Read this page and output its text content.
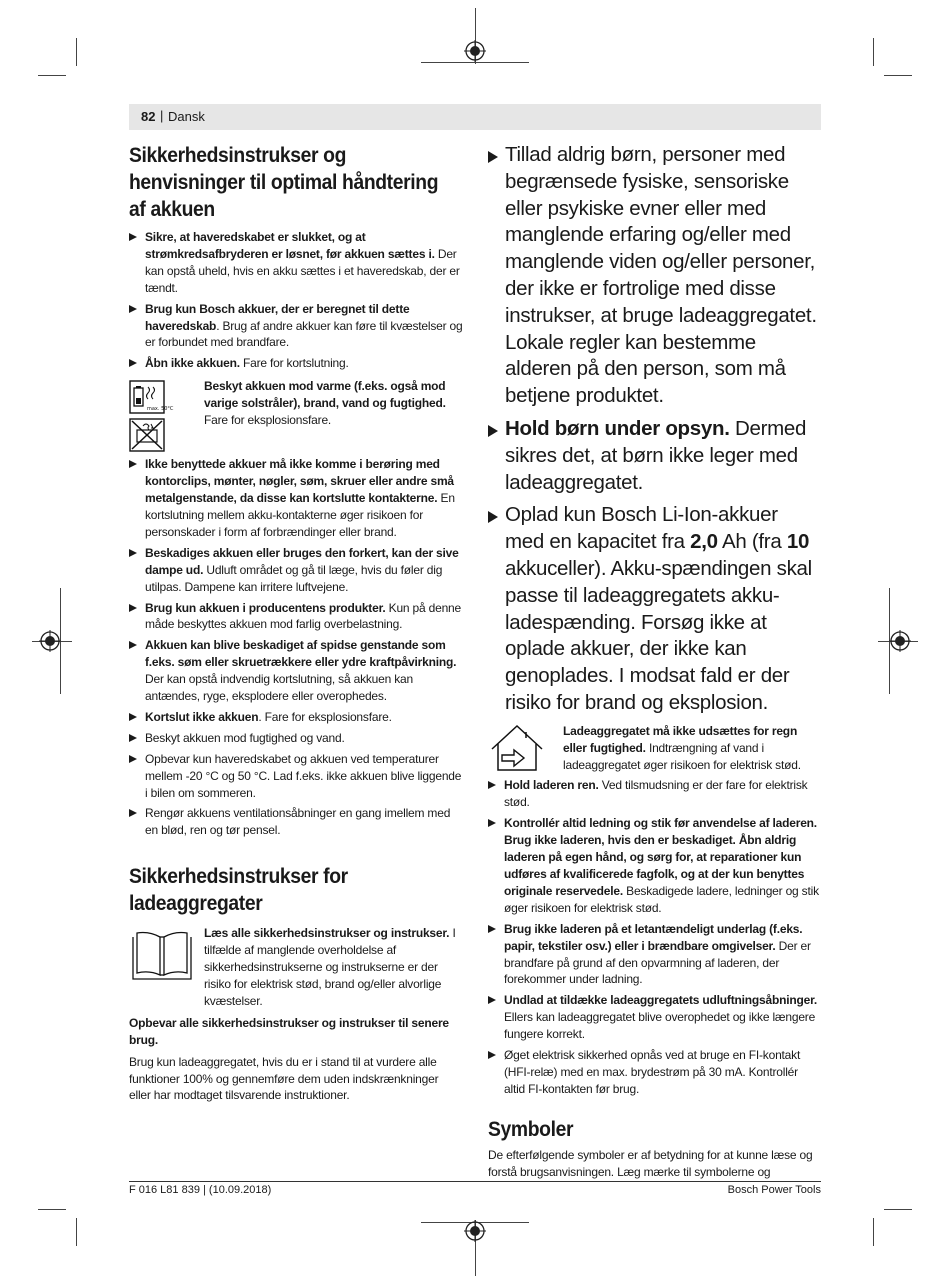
82 | Dansk
Sikkerhedsinstrukser og henvisninger til optimal håndtering af akkuen
Sikre, at haveredskabet er slukket, og at strømkredsafbryderen er løsnet, før akkuen sættes i. Der kan opstå uheld, hvis en akku sættes i et haveredskab, der er tændt.
Brug kun Bosch akkuer, der er beregnet til dette haveredskab. Brug af andre akkuer kan føre til kvæstelser og er forbundet med brandfare.
Åbn ikke akkuen. Fare for kortslutning.
max. 50°C
Beskyt akkuen mod varme (f.eks. også mod varige solstråler), brand, vand og fugtighed. Fare for eksplosionsfare.
Ikke benyttede akkuer må ikke komme i berøring med kontorclips, mønter, nøgler, søm, skruer eller andre små metalgenstande, da disse kan kortslutte kontakterne. En kortslutning mellem akku-kontakterne øger risikoen for personskader i form af forbrændinger eller brand.
Beskadiges akkuen eller bruges den forkert, kan der sive dampe ud. Udluft området og gå til læge, hvis du føler dig utilpas. Dampene kan irritere luftvejene.
Brug kun akkuen i producentens produkter. Kun på denne måde beskyttes akkuen mod farlig overbelastning.
Akkuen kan blive beskadiget af spidse genstande som f.eks. søm eller skruetrækkere eller ydre kraftpåvirkning. Der kan opstå indvendig kortslutning, så akkuen kan antændes, ryge, eksplodere eller overophedes.
Kortslut ikke akkuen. Fare for eksplosionsfare.
Beskyt akkuen mod fugtighed og vand.
Opbevar kun haveredskabet og akkuen ved temperaturer mellem -20 °C og 50 °C. Lad f.eks. ikke akkuen blive liggende i bilen om sommeren.
Rengør akkuens ventilationsåbninger en gang imellem med en blød, ren og tør pensel.
Sikkerhedsinstrukser for ladeaggregater
Læs alle sikkerhedsinstrukser og instrukser. I tilfælde af manglende overholdelse af sikkerhedsinstrukserne og instrukserne er der risiko for elektrisk stød, brand og/eller alvorlige kvæstelser.
Opbevar alle sikkerhedsinstrukser og instrukser til senere brug.
Brug kun ladeaggregatet, hvis du er i stand til at vurdere alle funktioner 100% og gennemføre dem uden indskrænkninger eller har modtaget tilsvarende instruktioner.
Tillad aldrig børn, personer med begrænsede fysiske, sensoriske eller psykiske evner eller med manglende erfaring og/eller med manglende viden og/eller personer, der ikke er fortrolige med disse instrukser, at bruge ladeaggregatet. Lokale regler kan bestemme alderen på den person, som må betjene produktet.
Hold børn under opsyn. Dermed sikres det, at børn ikke leger med ladeaggregatet.
Oplad kun Bosch Li-Ion-akkuer med en kapacitet fra 2,0 Ah (fra 10 akkuceller). Akku-spændingen skal passe til ladeaggregatets akku-ladespænding. Forsøg ikke at oplade akkuer, der ikke kan genoplades. I modsat fald er der risiko for brand og eksplosion.
Ladeaggregatet må ikke udsættes for regn eller fugtighed. Indtrængning af vand i ladeaggregatet øger risikoen for elektrisk stød.
Hold laderen ren. Ved tilsmudsning er der fare for elektrisk stød.
Kontrollér altid ledning og stik før anvendelse af laderen. Brug ikke laderen, hvis den er beskadiget. Åbn aldrig laderen på egen hånd, og sørg for, at reparationer kun udføres af kvalificerede fagfolk, og at der kun benyttes originale reservedele. Beskadigede ladere, ledninger og stik øger risikoen for elektrisk stød.
Brug ikke laderen på et letantændeligt underlag (f.eks. papir, tekstiler osv.) eller i brændbare omgivelser. Der er brandfare på grund af den opvarmning af laderen, der forekommer under ladning.
Undlad at tildække ladeaggregatets udluftningsåbninger. Ellers kan ladeaggregatet blive overophedet og ikke længere fungere korrekt.
Øget elektrisk sikkerhed opnås ved at bruge en FI-kontakt (HFI-relæ) med en max. brydestrøm på 30 mA. Kontrollér altid FI-kontakten før brug.
Symboler
De efterfølgende symboler er af betydning for at kunne læse og forstå brugsanvisningen. Læg mærke til symbolerne og
F 016 L81 839 | (10.09.2018)	Bosch Power Tools
